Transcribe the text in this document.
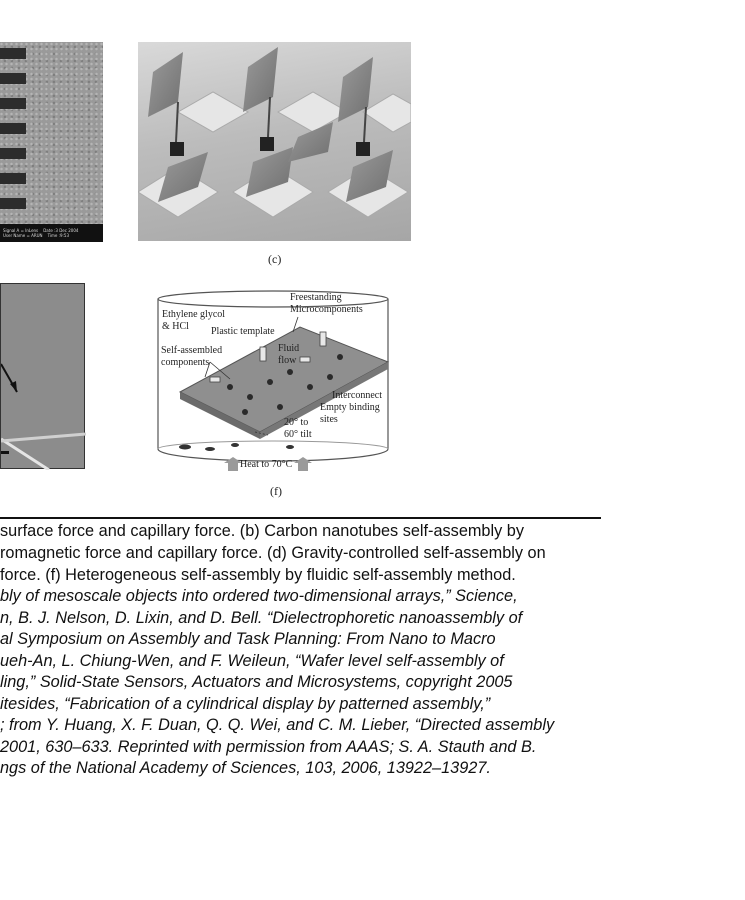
Signal A = InLens    Date :3 Dec 2004
User Name = ARUN    Time :9:53
(c)
Freestanding
Microcomponents
Ethylene glycol
& HCl	Plastic template
Self-assembled
components
Fluid
flow
Interconnect
Empty binding
sites
20° to
60° tilt
Heat to 70°C
(f)
surface force and capillary force. (b) Carbon nanotubes self-assembly by
romagnetic force and capillary force. (d) Gravity-controlled self-assembly on
force. (f) Heterogeneous self-assembly by fluidic self-assembly method.
bly of mesoscale objects into ordered two-dimensional arrays,” Science,
n, B. J. Nelson, D. Lixin, and D. Bell. “Dielectrophoretic nanoassembly of
al Symposium on Assembly and Task Planning: From Nano to Macro
ueh-An, L. Chiung-Wen, and F. Weileun, “Wafer level self-assembly of
ling,” Solid-State Sensors, Actuators and Microsystems, copyright 2005
itesides, “Fabrication of a cylindrical display by patterned assembly,”
; from Y. Huang, X. F. Duan, Q. Q. Wei, and C. M. Lieber, “Directed assembly
2001, 630–633. Reprinted with permission from AAAS; S. A. Stauth and B.
ngs of the National Academy of Sciences, 103, 2006, 13922–13927.
